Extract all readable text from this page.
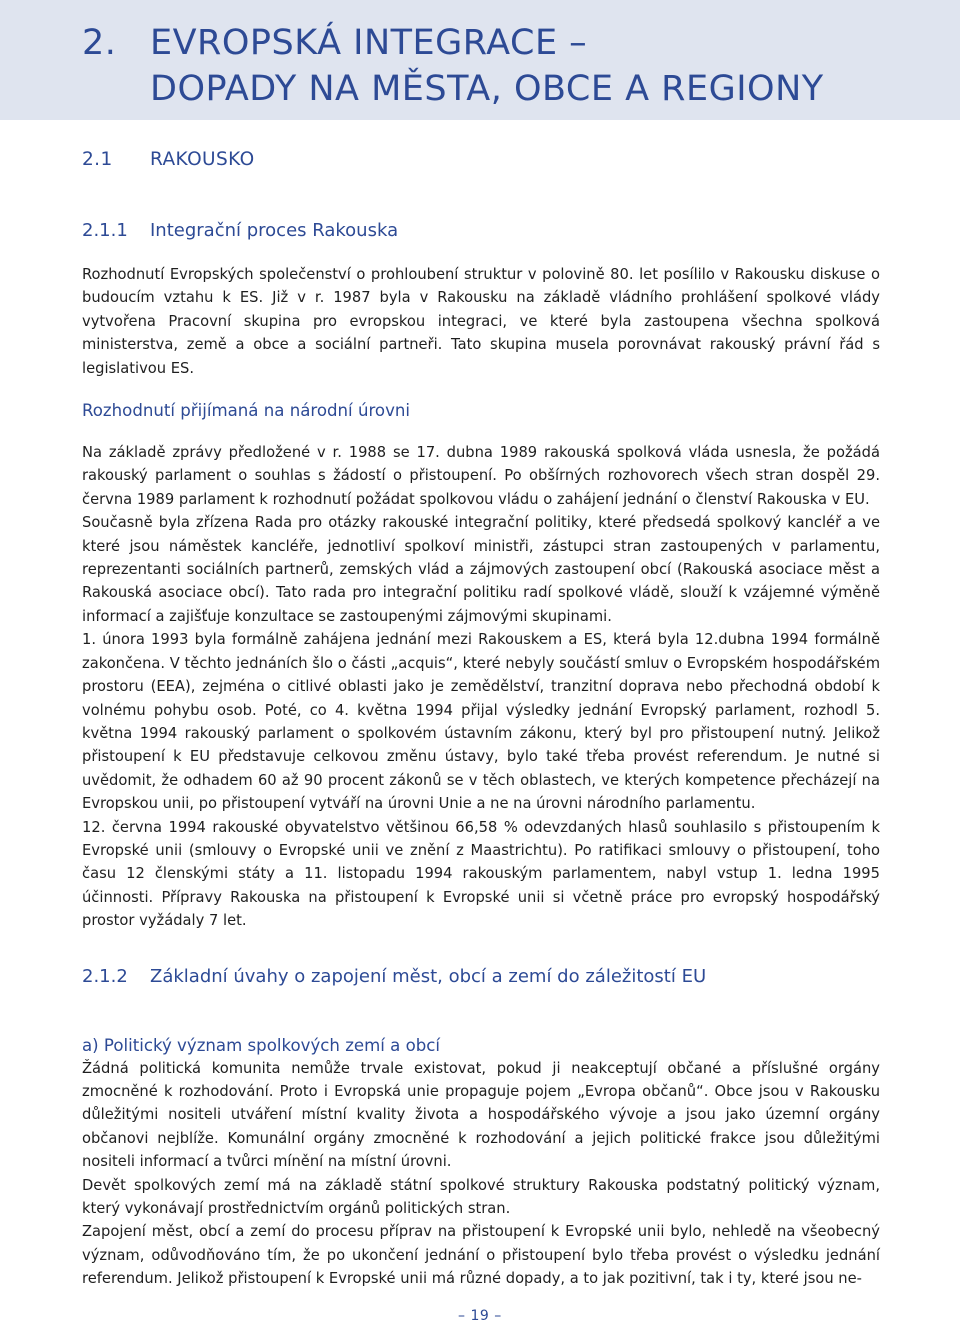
2. EVROPSKÁ INTEGRACE –
DOPADY NA MĚSTA, OBCE A REGIONY
2.1 RAKOUSKO
2.1.1 Integrační proces Rakouska

Rozhodnutí Evropských společenství o prohloubení struktur v polovině 80. let posílilo v Rakousku diskuse o budoucím vztahu k ES. Již v r. 1987 byla v Rakousku na základě vládního prohlášení spolkové vlády vytvořena Pracovní skupina pro evropskou integraci, ve které byla zastoupena všechna spolková ministerstva, země a obce a sociální partneři. Tato skupina musela porovnávat rakouský právní řád s legislativou ES.

Rozhodnutí přijímaná na národní úrovni

Na základě zprávy předložené v r. 1988 se 17. dubna 1989 rakouská spolková vláda usnesla, že požádá rakouský parlament o souhlas s žádostí o přistoupení. Po obšírných rozhovorech všech stran dospěl 29. června 1989 parlament k rozhodnutí požádat spolkovou vládu o zahájení jednání o členství Rakouska v EU.

Současně byla zřízena Rada pro otázky rakouské integrační politiky, které předsedá spolkový kancléř a ve které jsou náměstek kancléře, jednotliví spolkoví ministři, zástupci stran zastoupených v parlamentu, reprezentanti sociálních partnerů, zemských vlád a zájmových zastoupení obcí (Rakouská asociace měst a Rakouská asociace obcí). Tato rada pro integrační politiku radí spolkové vládě, slouží k vzájemné výměně informací a zajišťuje konzultace se zastoupenými zájmovými skupinami.

1. února 1993 byla formálně zahájena jednání mezi Rakouskem a ES, která byla 12.dubna 1994 formálně zakončena. V těchto jednáních šlo o části „acquis“, které nebyly součástí smluv o Evropském hospodářském prostoru (EEA), zejména o citlivé oblasti jako je zemědělství, tranzitní doprava nebo přechodná období k volnému pohybu osob. Poté, co 4. května 1994 přijal výsledky jednání Evropský parlament, rozhodl 5. května 1994 rakouský parlament o spolkovém ústavním zákonu, který byl pro přistoupení nutný. Jelikož přistoupení k EU představuje celkovou změnu ústavy, bylo také třeba provést referendum. Je nutné si uvědomit, že odhadem 60 až 90 procent zákonů se v těch oblastech, ve kterých kompetence přecházejí na Evropskou unii, po přistoupení vytváří na úrovni Unie a ne na úrovni národního parlamentu.

12. června 1994 rakouské obyvatelstvo většinou 66,58 % odevzdaných hlasů souhlasilo s přistoupením k Evropské unii (smlouvy o Evropské unii ve znění z Maastrichtu). Po ratifikaci smlouvy o přistoupení, toho času 12 členskými státy a 11. listopadu 1994 rakouským parlamentem, nabyl vstup 1. ledna 1995 účinnosti. Přípravy Rakouska na přistoupení k Evropské unii si včetně práce pro evropský hospodářský prostor vyžádaly 7 let.

2.1.2 Základní úvahy o zapojení měst, obcí a zemí do záležitostí EU
a) Politický význam spolkových zemí a obcí

Žádná politická komunita nemůže trvale existovat, pokud ji neakceptují občané a příslušné orgány zmocněné k rozhodování. Proto i Evropská unie propaguje pojem „Evropa občanů“. Obce jsou v Rakousku důležitými nositeli utváření místní kvality života a hospodářského vývoje a jsou jako územní orgány občanovi nejblíže. Komunální orgány zmocněné k rozhodování a jejich politické frakce jsou důležitými nositeli informací a tvůrci mínění na místní úrovni.

Devět spolkových zemí má na základě státní spolkové struktury Rakouska podstatný politický význam, který vykonávají prostřednictvím orgánů politických stran.

Zapojení měst, obcí a zemí do procesu příprav na přistoupení k Evropské unii bylo, nehledě na všeobecný význam, odůvodňováno tím, že po ukončení jednání o přistoupení bylo třeba provést o výsledku jednání referendum. Jelikož přistoupení k Evropské unii má různé dopady, a to jak pozitivní, tak i ty, které jsou ne-

– 19 –
